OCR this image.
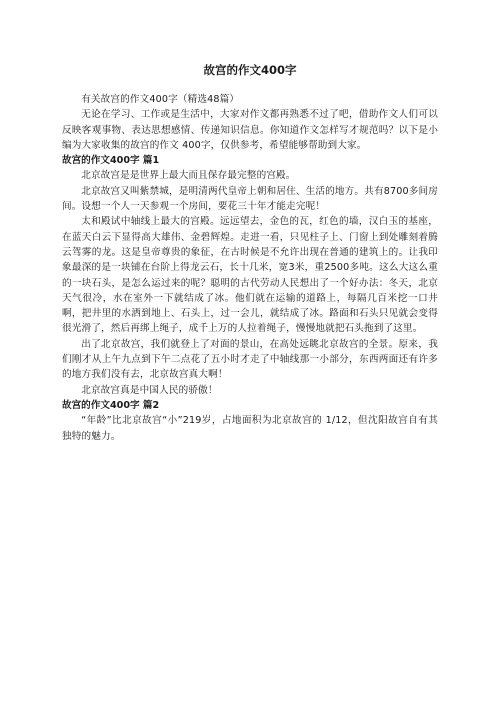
故宫的作文400字
有关故宫的作文400字（精选48篇）
无论在学习、工作或是生活中，大家对作文都再熟悉不过了吧，借助作文人们可以反映客观事物、表达思想感情、传递知识信息。你知道作文怎样写才规范吗？以下是小编为大家收集的故宫的作文 400字，仅供参考，希望能够帮助到大家。
故宫的作文400字 篇1
北京故宫是是世界上最大而且保存最完整的宫殿。
北京故宫又叫紫禁城，是明清两代皇帝上朝和居住、生活的地方。共有8700多间房间。设想一个人一天参观一个房间，要花三十年才能走完呢！
太和殿试中轴线上最大的宫殿。远远望去，金色的瓦，红色的墙，汉白玉的基座，在蓝天白云下显得高大雄伟、金碧辉煌。走进一看，只见柱子上、门窗上到处雕刻着腾云驾雾的龙。这是皇帝尊贵的象征，在古时候是不允许出现在普通的建筑上的。让我印象最深的是一块铺在台阶上得龙云石，长十几米，宽3米，重2500多吨。这么大这么重的一块石头，是怎么运过来的呢？聪明的古代劳动人民想出了一个好办法：冬天，北京天气很冷，水在室外一下就结成了冰。他们就在运输的道路上，每隔几百米挖一口井啊，把井里的水洒到地上、石头上，过一会儿，就结成了冰。路面和石头只见就会变得很光滑了，然后再绑上绳子，成千上万的人拉着绳子，慢慢地就把石头拖到了这里。
出了北京故宫，我们就登上了对面的景山，在高处远眺北京故宫的全景。原来，我们刚才从上午九点到下午二点花了五小时才走了中轴线那一小部分，东西两面还有许多的地方我们没有去，北京故宫真大啊！
北京故宫真是中国人民的骄傲！
故宫的作文400字 篇2
“年龄”比北京故宫“小”219岁，占地面积为北京故宫的 1/12，但沈阳故宫自有其独特的魅力。
